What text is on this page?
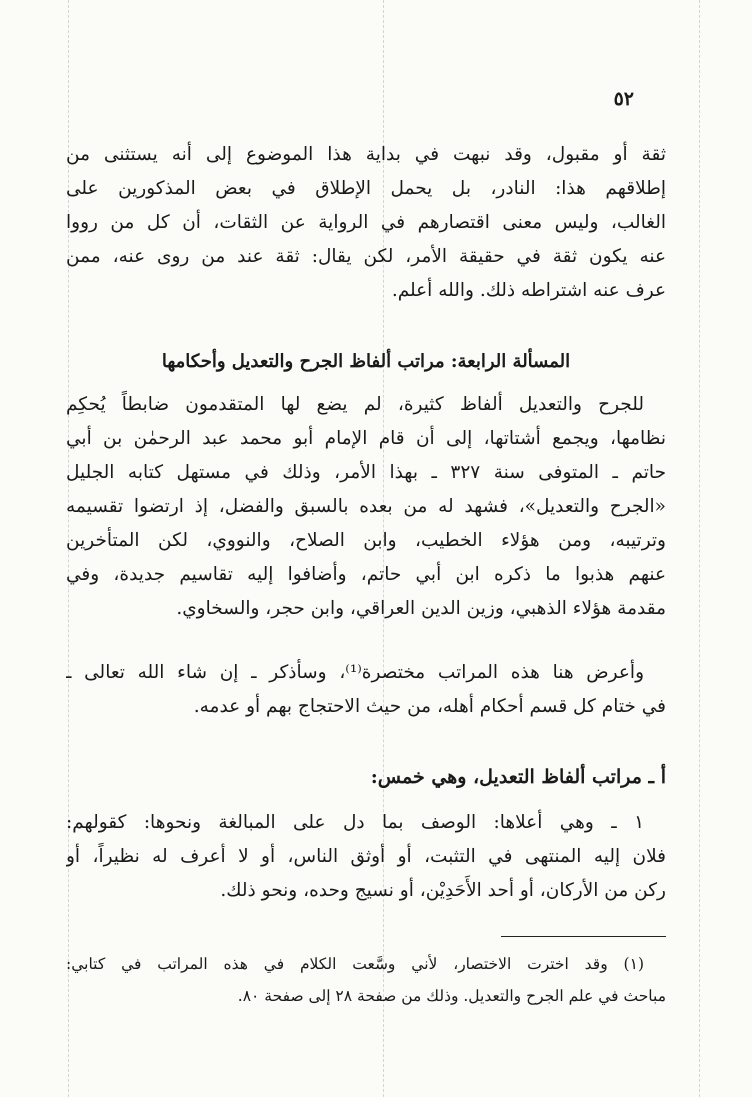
٥٢
ثقة أو مقبول، وقد نبهت في بداية هذا الموضوع إلى أنه يستثنى من
إطلاقهم هذا: النادر، بل يحمل الإطلاق في بعض المذكورين على
الغالب، وليس معنى اقتصارهم في الرواية عن الثقات، أن كل من رووا
عنه يكون ثقة في حقيقة الأمر، لكن يقال: ثقة عند من روى عنه، ممن
عرف عنه اشتراطه ذلك. والله أعلم.
المسألة الرابعة: مراتب ألفاظ الجرح والتعديل وأحكامها
للجرح والتعديل ألفاظ كثيرة، لم يضع لها المتقدمون ضابطاً يُحكِم
نظامها، ويجمع أشتاتها، إلى أن قام الإمام أبو محمد عبد الرحمٰن بن أبي
حاتم ـ المتوفى سنة ٣٢٧ ـ بهذا الأمر، وذلك في مستهل كتابه الجليل
«الجرح والتعديل»، فشهد له من بعده بالسبق والفضل، إذ ارتضوا تقسيمه
وترتيبه، ومن هؤلاء الخطيب، وابن الصلاح، والنووي، لكن المتأخرين
عنهم هذبوا ما ذكره ابن أبي حاتم، وأضافوا إليه تقاسيم جديدة، وفي
مقدمة هؤلاء الذهبي، وزين الدين العراقي، وابن حجر، والسخاوي.
وأعرض هنا هذه المراتب مختصرة⁽¹⁾، وسأذكر ـ إن شاء الله تعالى ـ
في ختام كل قسم أحكام أهله، من حيث الاحتجاج بهم أو عدمه.
أ ـ مراتب ألفاظ التعديل، وهي خمس:
١ ـ وهي أعلاها: الوصف بما دل على المبالغة ونحوها: كقولهم:
فلان إليه المنتهى في التثبت، أو أوثق الناس، أو لا أعرف له نظيراً، أو
ركن من الأركان، أو أحد الأَحَدِيْن، أو نسيج وحده، ونحو ذلك.
(١) وقد اخترت الاختصار، لأني وسَّعت الكلام في هذه المراتب في كتابي:
مباحث في علم الجرح والتعديل. وذلك من صفحة ٢٨ إلى صفحة ٨٠.
